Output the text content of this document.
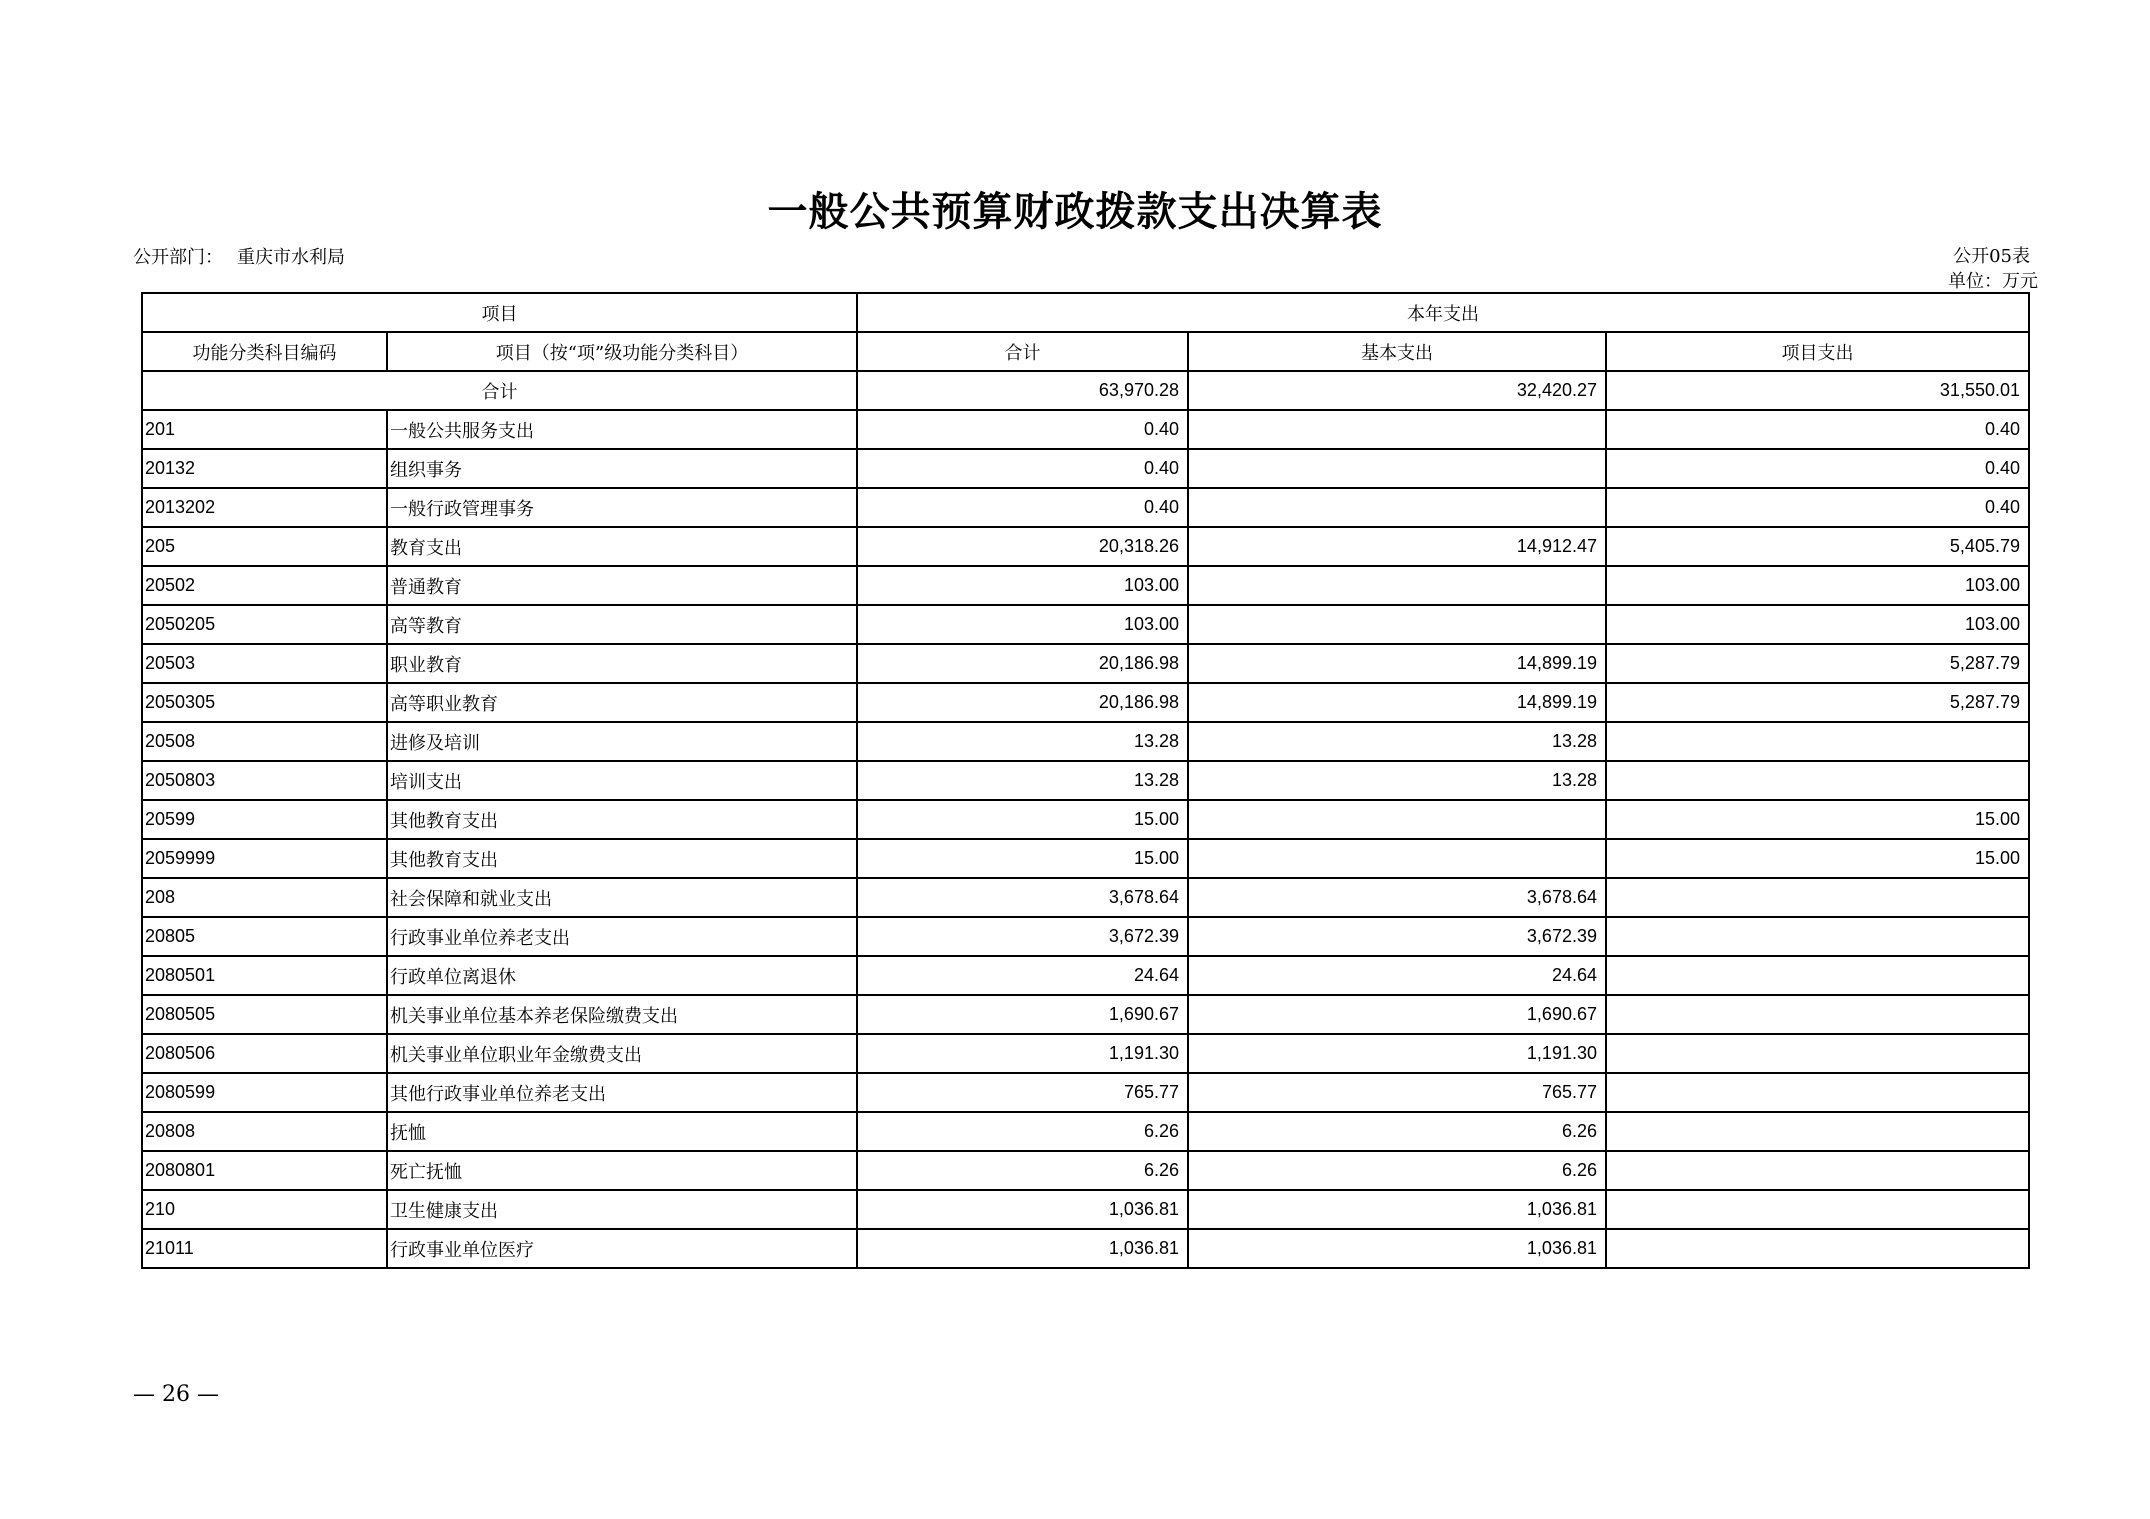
一般公共预算财政拨款支出决算表
公开部门： 重庆市水利局	公开05表
单位：万元
项目		本年支出		
功能分类科目编码	项目（按“项”级功能分类科目）	合计	基本支出	项目支出
合计		63,970.28	32,420.27	31,550.01
201	一般公共服务支出	0.40		0.40
20132	组织事务	0.40		0.40
2013202	一般行政管理事务	0.40		0.40
205	教育支出	20,318.26	14,912.47	5,405.79
20502	普通教育	103.00		103.00
2050205	高等教育	103.00		103.00
20503	职业教育	20,186.98	14,899.19	5,287.79
2050305	高等职业教育	20,186.98	14,899.19	5,287.79
20508	进修及培训	13.28	13.28	
2050803	培训支出	13.28	13.28	
20599	其他教育支出	15.00		15.00
2059999	其他教育支出	15.00		15.00
208	社会保障和就业支出	3,678.64	3,678.64	
20805	行政事业单位养老支出	3,672.39	3,672.39	
2080501	行政单位离退休	24.64	24.64	
2080505	机关事业单位基本养老保险缴费支出	1,690.67	1,690.67	
2080506	机关事业单位职业年金缴费支出	1,191.30	1,191.30	
2080599	其他行政事业单位养老支出	765.77	765.77	
20808	抚恤	6.26	6.26	
2080801	死亡抚恤	6.26	6.26	
210	卫生健康支出	1,036.81	1,036.81	
21011	行政事业单位医疗	1,036.81	1,036.81	
— 26 —
